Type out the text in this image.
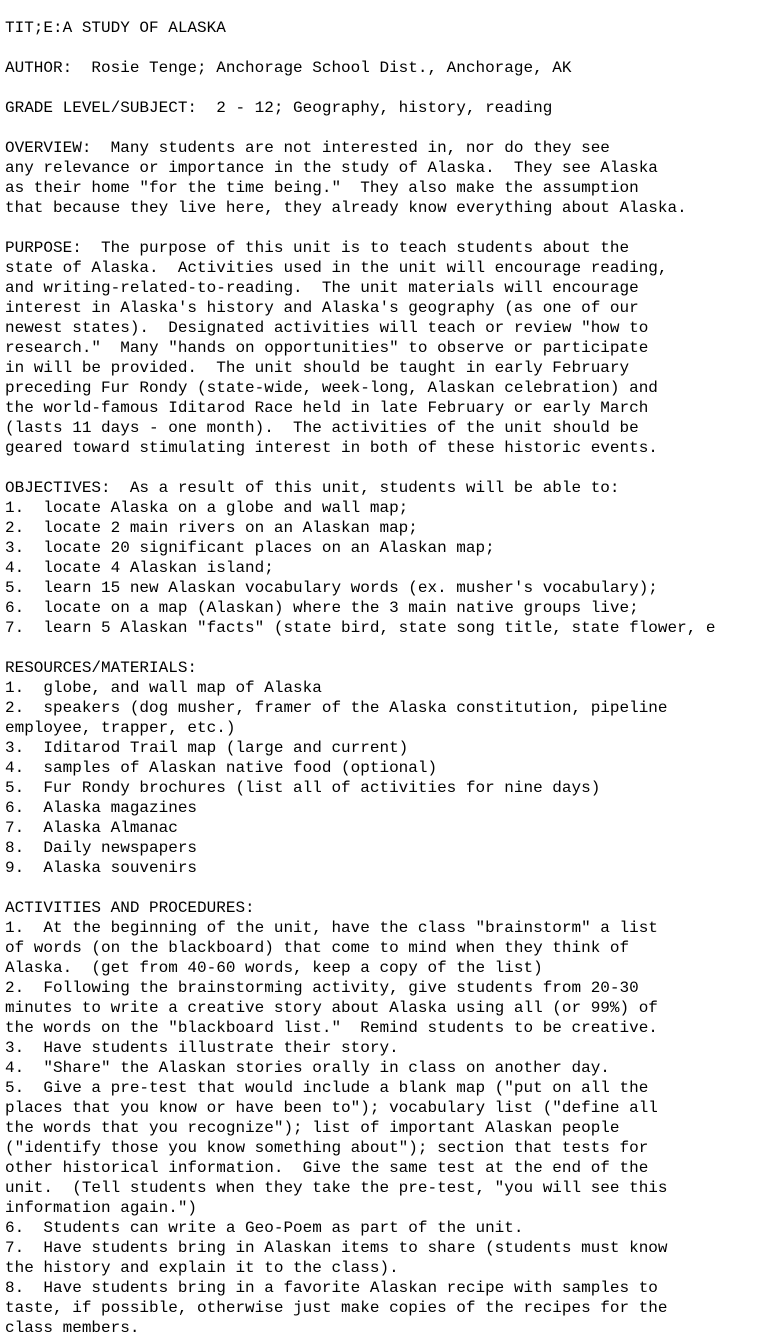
TIT;E:A STUDY OF ALASKA
AUTHOR:  Rosie Tenge; Anchorage School Dist., Anchorage, AK
GRADE LEVEL/SUBJECT:  2 - 12; Geography, history, reading
OVERVIEW:  Many students are not interested in, nor do they see
any relevance or importance in the study of Alaska.  They see Alaska
as their home "for the time being."  They also make the assumption
that because they live here, they already know everything about Alaska.
PURPOSE:  The purpose of this unit is to teach students about the
state of Alaska.  Activities used in the unit will encourage reading,
and writing-related-to-reading.  The unit materials will encourage
interest in Alaska's history and Alaska's geography (as one of our
newest states).  Designated activities will teach or review "how to
research."  Many "hands on opportunities" to observe or participate
in will be provided.  The unit should be taught in early February
preceding Fur Rondy (state-wide, week-long, Alaskan celebration) and
the world-famous Iditarod Race held in late February or early March
(lasts 11 days - one month).  The activities of the unit should be
geared toward stimulating interest in both of these historic events.
OBJECTIVES:  As a result of this unit, students will be able to:
1.  locate Alaska on a globe and wall map;
2.  locate 2 main rivers on an Alaskan map;
3.  locate 20 significant places on an Alaskan map;
4.  locate 4 Alaskan island;
5.  learn 15 new Alaskan vocabulary words (ex. musher's vocabulary);
6.  locate on a map (Alaskan) where the 3 main native groups live;
7.  learn 5 Alaskan "facts" (state bird, state song title, state flower, e
RESOURCES/MATERIALS:
1.  globe, and wall map of Alaska
2.  speakers (dog musher, framer of the Alaska constitution, pipeline
employee, trapper, etc.)
3.  Iditarod Trail map (large and current)
4.  samples of Alaskan native food (optional)
5.  Fur Rondy brochures (list all of activities for nine days)
6.  Alaska magazines
7.  Alaska Almanac
8.  Daily newspapers
9.  Alaska souvenirs
ACTIVITIES AND PROCEDURES:
1.  At the beginning of the unit, have the class "brainstorm" a list
of words (on the blackboard) that come to mind when they think of
Alaska.  (get from 40-60 words, keep a copy of the list)
2.  Following the brainstorming activity, give students from 20-30
minutes to write a creative story about Alaska using all (or 99%) of
the words on the "blackboard list."  Remind students to be creative.
3.  Have students illustrate their story.
4.  "Share" the Alaskan stories orally in class on another day.
5.  Give a pre-test that would include a blank map ("put on all the
places that you know or have been to"); vocabulary list ("define all
the words that you recognize"); list of important Alaskan people
("identify those you know something about"); section that tests for
other historical information.  Give the same test at the end of the
unit.  (Tell students when they take the pre-test, "you will see this
information again.")
6.  Students can write a Geo-Poem as part of the unit.
7.  Have students bring in Alaskan items to share (students must know
the history and explain it to the class).
8.  Have students bring in a favorite Alaskan recipe with samples to
taste, if possible, otherwise just make copies of the recipes for the
class members.
